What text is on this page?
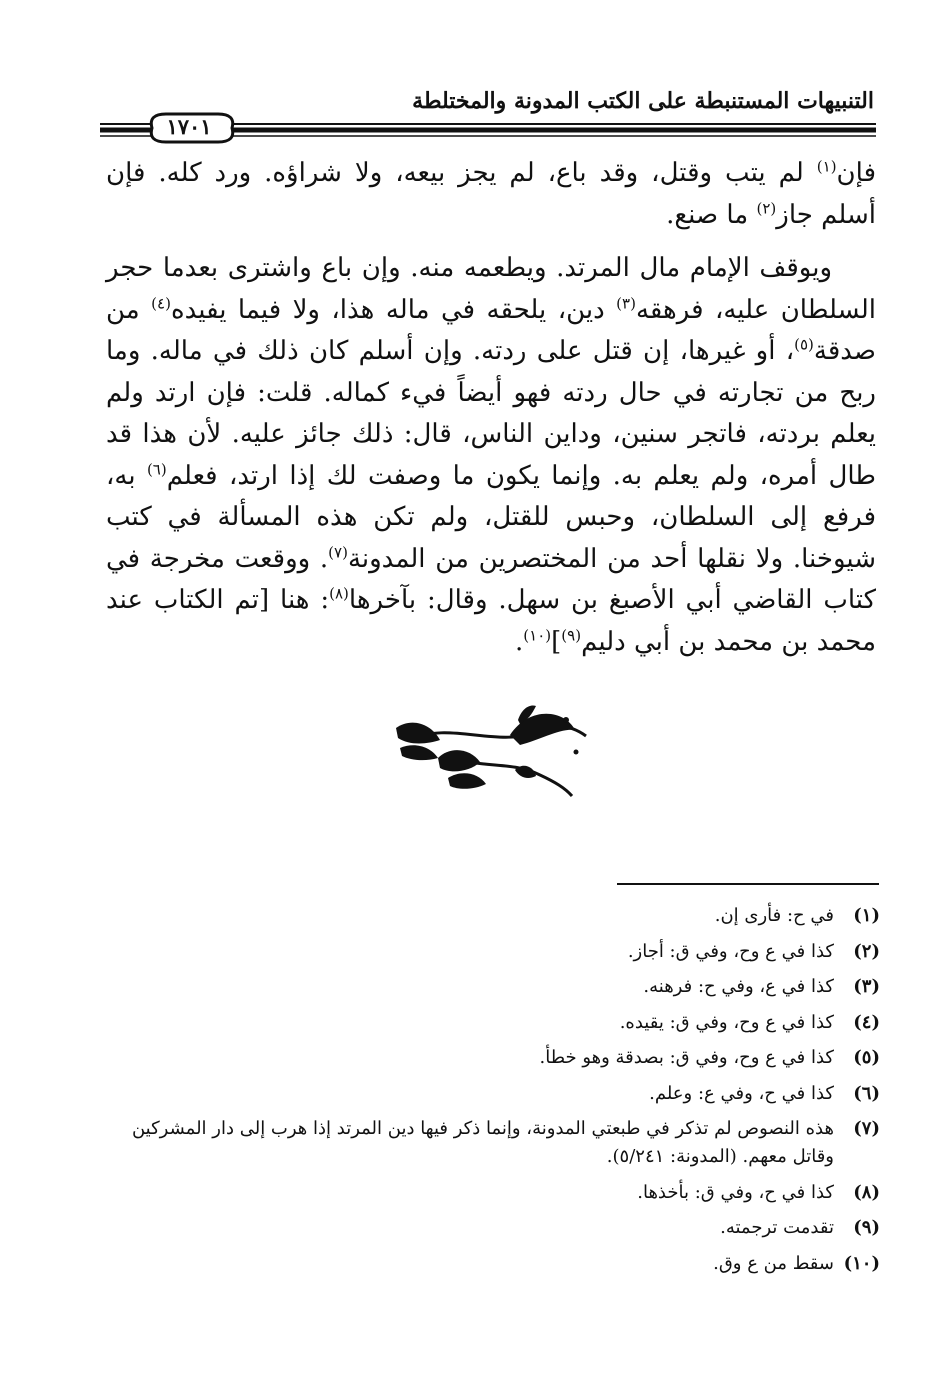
التنبيهات المستنبطة على الكتب المدونة والمختلطة
١٧٠١

فإن$^{(١)}$ لم يتب وقتل، وقد باع، لم يجز بيعه، ولا شراؤه. ورد كله. فإن أسلم جاز$^{(٢)}$ ما صنع.

ويوقف الإمام مال المرتد. ويطعمه منه. وإن باع واشترى بعدما حجر السلطان عليه، فرهقه$^{(٣)}$ دين، يلحقه في ماله هذا، ولا فيما يفيده$^{(٤)}$ من صدقة$^{(٥)}$، أو غيرها، إن قتل على ردته. وإن أسلم كان ذلك في ماله. وما ربح من تجارته في حال ردته فهو أيضاً فيء كماله. قلت: فإن ارتد ولم يعلم بردته، فاتجر سنين، وداين الناس، قال: ذلك جائز عليه. لأن هذا قد طال أمره، ولم يعلم به. وإنما يكون ما وصفت لك إذا ارتد، فعلم$^{(٦)}$ به، فرفع إلى السلطان، وحبس للقتل، ولم تكن هذه المسألة في كتب شيوخنا. ولا نقلها أحد من المختصرين من المدونة$^{(٧)}$. ووقعت مخرجة في كتاب القاضي أبي الأصبغ بن سهل. وقال: بآخرها$^{(٨)}$: هنا [تم الكتاب عند محمد بن محمد بن أبي دليم$^{(٩)}$]$^{(١٠)}$.

(١)
في ح: فأرى إن.
(٢)
كذا في ع وح، وفي ق: أجاز.
(٣)
كذا في ع، وفي ح: فرهنه.
(٤)
كذا في ع وح، وفي ق: يقيده.
(٥)
كذا في ع وح، وفي ق: بصدقة وهو خطأ.
(٦)
كذا في ح، وفي ع: وعلم.
(٧)
هذه النصوص لم تذكر في طبعتي المدونة، وإنما ذكر فيها دين المرتد إذا هرب إلى دار المشركين وقاتل معهم. (المدونة: ٥/٢٤١).
(٨)
كذا في ح، وفي ق: بأخذها.
(٩)
تقدمت ترجمته.
(١٠)
سقط من ع وق.
